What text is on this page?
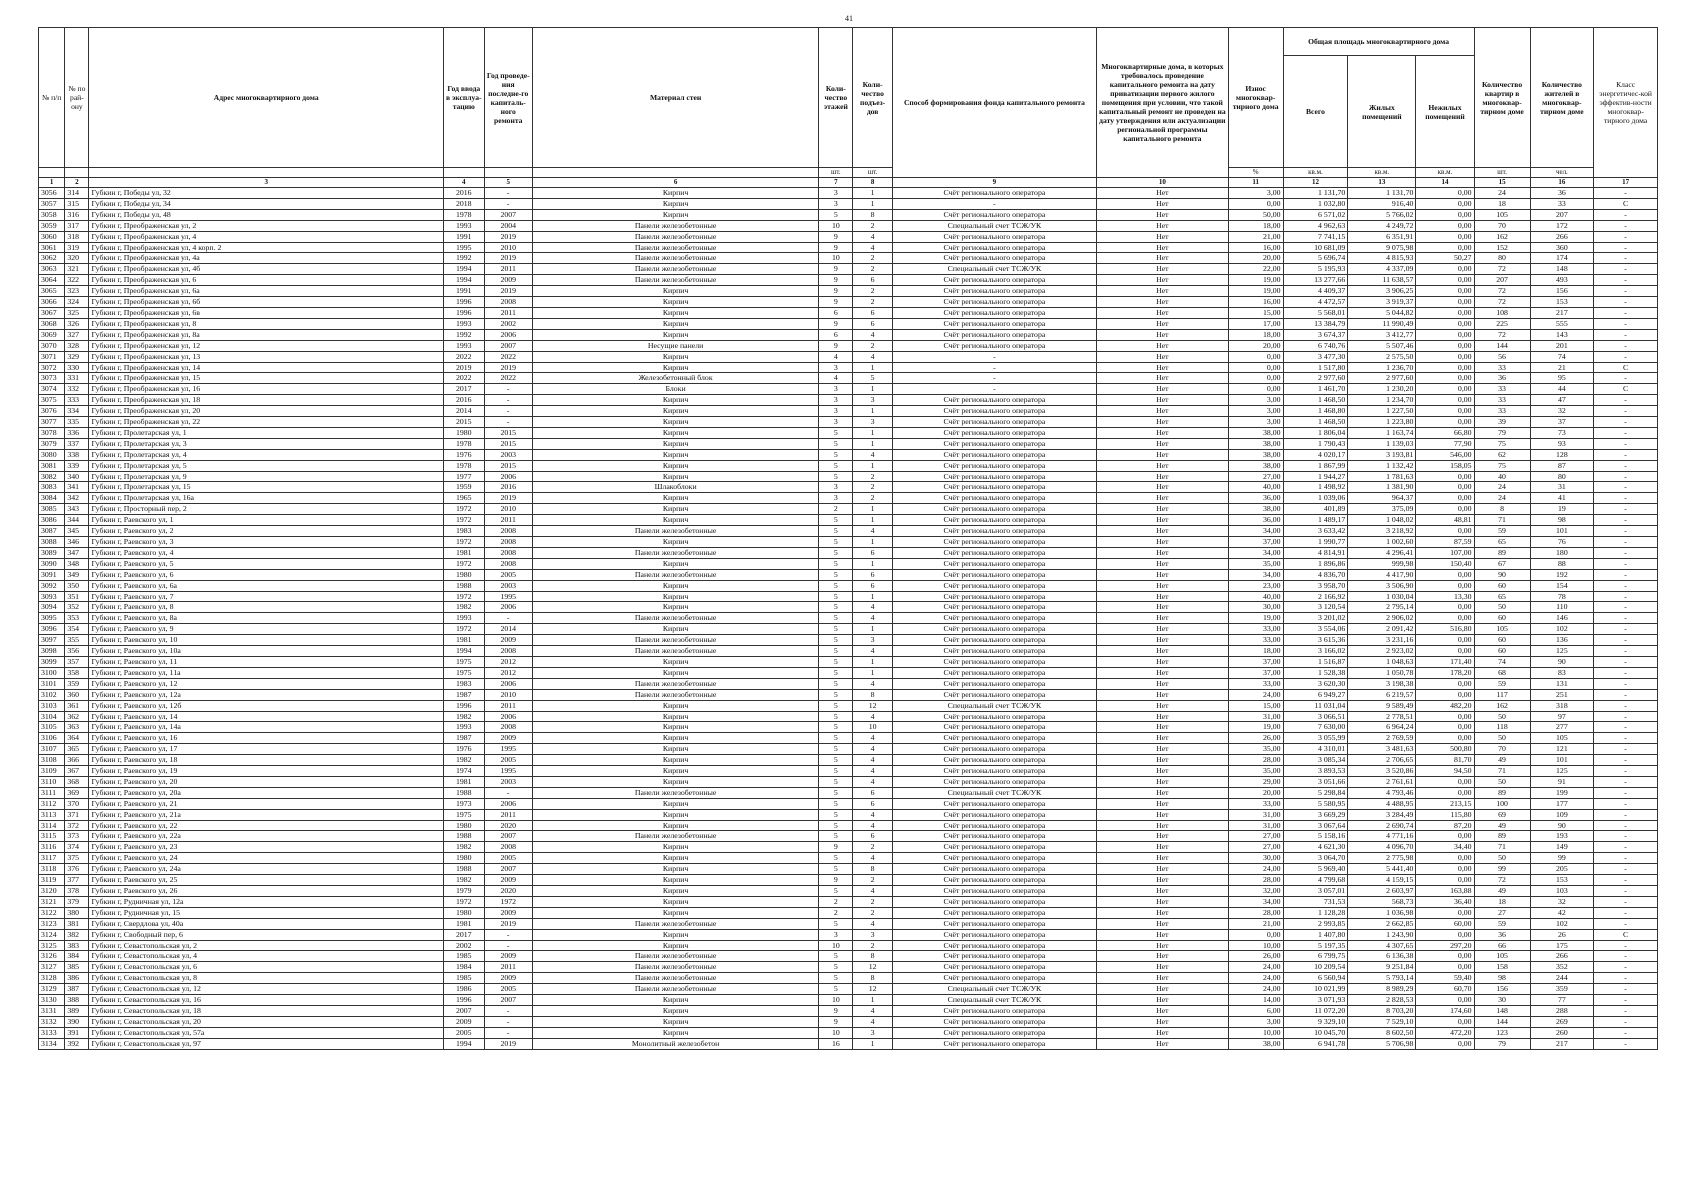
41
№ п/п	№ по рай-ону	Адрес многоквартирного дома	Год ввода в эксплуа-тацию	Год проведе-ния последне-го капиталь-ного ремонта	Материал стен	Коли-чество этажей	Коли-чество подъез-дов	Способ формирования фонда капитального ремонта	Многоквартирные дома, в которых требовалось проведение капитального ремонта на дату приватизации первого жилого помещения при условии, что такой капитальный ремонт не проведен на дату утверждения или актуализации региональной программы капитального ремонта	Износ многоквар-тирного дома	Общая площадь многоквартирного дома			Количество квартир в многоквар-тирном доме	Количество жителей в многоквар-тирном доме	Класс энергетичес-кой эффектив-ности многоквар-тирного дома
											Всего	Жилых помещений	Нежилых помещений			
						шт.	шт.			%	кв.м.	кв.м.	кв.м.	шт.	чел.	
1	2	3	4	5	6	7	8	9	10	11	12	13	14	15	16	17
3056	314	Губкин г, Победы ул, 32	2016	-	Кирпич	3	1	Счёт регионального оператора	Нет	3,00	1 131,70	1 131,70	0,00	24	36	-
3057	315	Губкин г, Победы ул, 34	2018	-	Кирпич	3	1	-	Нет	0,00	1 032,80	916,40	0,00	18	33	С
3058	316	Губкин г, Победы ул, 48	1978	2007	Кирпич	5	8	Счёт регионального оператора	Нет	50,00	6 571,02	5 766,02	0,00	105	207	-
3059	317	Губкин г, Преображенская ул, 2	1993	2004	Панели железобетонные	10	2	Специальный счет ТСЖ/УК	Нет	18,00	4 962,63	4 249,72	0,00	70	172	-
3060	318	Губкин г, Преображенская ул, 4	1991	2019	Панели железобетонные	9	4	Счёт регионального оператора	Нет	21,00	7 741,15	6 351,91	0,00	162	266	-
3061	319	Губкин г, Преображенская ул, 4 корп. 2	1995	2010	Панели железобетонные	9	4	Счёт регионального оператора	Нет	16,00	10 681,09	9 075,98	0,00	152	360	-
3062	320	Губкин г, Преображенская ул, 4а	1992	2019	Панели железобетонные	10	2	Счёт регионального оператора	Нет	20,00	5 696,74	4 815,93	50,27	80	174	-
3063	321	Губкин г, Преображенская ул, 4б	1994	2011	Панели железобетонные	9	2	Специальный счет ТСЖ/УК	Нет	22,00	5 195,93	4 337,09	0,00	72	148	-
3064	322	Губкин г, Преображенская ул, 6	1994	2009	Панели железобетонные	9	6	Счёт регионального оператора	Нет	19,00	13 277,66	11 638,57	0,00	207	493	-
3065	323	Губкин г, Преображенская ул, 6а	1991	2019	Кирпич	9	2	Счёт регионального оператора	Нет	19,00	4 409,37	3 906,25	0,00	72	156	-
3066	324	Губкин г, Преображенская ул, 6б	1996	2008	Кирпич	9	2	Счёт регионального оператора	Нет	16,00	4 472,57	3 919,37	0,00	72	153	-
3067	325	Губкин г, Преображенская ул, 6в	1996	2011	Кирпич	6	6	Счёт регионального оператора	Нет	15,00	5 568,01	5 044,82	0,00	108	217	-
3068	326	Губкин г, Преображенская ул, 8	1993	2002	Кирпич	9	6	Счёт регионального оператора	Нет	17,00	13 384,79	11 990,49	0,00	225	555	-
3069	327	Губкин г, Преображенская ул, 8а	1992	2006	Кирпич	6	4	Счёт регионального оператора	Нет	18,00	3 674,37	3 412,77	0,00	72	143	-
3070	328	Губкин г, Преображенская ул, 12	1993	2007	Несущие панели	9	2	Счёт регионального оператора	Нет	20,00	6 740,76	5 507,46	0,00	144	201	-
3071	329	Губкин г, Преображенская ул, 13	2022	2022	Кирпич	4	4	-	Нет	0,00	3 477,30	2 575,50	0,00	56	74	-
3072	330	Губкин г, Преображенская ул, 14	2019	2019	Кирпич	3	1	-	Нет	0,00	1 517,80	1 236,70	0,00	33	21	С
3073	331	Губкин г, Преображенская ул, 15	2022	2022	Железобетонный блок	4	5	-	Нет	0,00	2 977,60	2 977,60	0,00	36	95	-
3074	332	Губкин г, Преображенская ул, 16	2017	-	Блоки	3	1	-	Нет	0,00	1 461,70	1 230,20	0,00	33	44	С
3075	333	Губкин г, Преображенская ул, 18	2016	-	Кирпич	3	3	Счёт регионального оператора	Нет	3,00	1 468,50	1 234,70	0,00	33	47	-
3076	334	Губкин г, Преображенская ул, 20	2014	-	Кирпич	3	1	Счёт регионального оператора	Нет	3,00	1 468,80	1 227,50	0,00	33	32	-
3077	335	Губкин г, Преображенская ул, 22	2015	-	Кирпич	3	3	Счёт регионального оператора	Нет	3,00	1 468,50	1 223,80	0,00	39	37	-
3078	336	Губкин г, Пролетарская ул, 1	1980	2015	Кирпич	5	1	Счёт регионального оператора	Нет	38,00	1 806,04	1 163,74	66,80	79	73	-
3079	337	Губкин г, Пролетарская ул, 3	1978	2015	Кирпич	5	1	Счёт регионального оператора	Нет	38,00	1 790,43	1 139,03	77,90	75	93	-
3080	338	Губкин г, Пролетарская ул, 4	1976	2003	Кирпич	5	4	Счёт регионального оператора	Нет	38,00	4 020,17	3 193,81	546,00	62	128	-
3081	339	Губкин г, Пролетарская ул, 5	1978	2015	Кирпич	5	1	Счёт регионального оператора	Нет	38,00	1 867,99	1 132,42	158,05	75	87	-
3082	340	Губкин г, Пролетарская ул, 9	1977	2006	Кирпич	5	2	Счёт регионального оператора	Нет	27,00	1 944,27	1 781,63	0,00	40	80	-
3083	341	Губкин г, Пролетарская ул, 15	1959	2016	Шлакоблоки	3	2	Счёт регионального оператора	Нет	40,00	1 498,92	1 381,90	0,00	24	31	-
3084	342	Губкин г, Пролетарская ул, 16а	1965	2019	Кирпич	3	2	Счёт регионального оператора	Нет	36,00	1 039,06	964,37	0,00	24	41	-
3085	343	Губкин г, Просторный пер, 2	1972	2010	Кирпич	2	1	Счёт регионального оператора	Нет	38,00	401,89	375,09	0,00	8	19	-
3086	344	Губкин г, Раевского ул, 1	1972	2011	Кирпич	5	1	Счёт регионального оператора	Нет	36,00	1 489,17	1 048,02	48,81	71	98	-
3087	345	Губкин г, Раевского ул, 2	1983	2008	Панели железобетонные	5	4	Счёт регионального оператора	Нет	34,00	3 633,42	3 218,92	0,00	59	101	-
3088	346	Губкин г, Раевского ул, 3	1972	2008	Кирпич	5	1	Счёт регионального оператора	Нет	37,00	1 990,77	1 002,60	87,59	65	76	-
3089	347	Губкин г, Раевского ул, 4	1981	2008	Панели железобетонные	5	6	Счёт регионального оператора	Нет	34,00	4 814,91	4 296,41	107,00	89	180	-
3090	348	Губкин г, Раевского ул, 5	1972	2008	Кирпич	5	1	Счёт регионального оператора	Нет	35,00	1 896,86	999,98	150,40	67	88	-
3091	349	Губкин г, Раевского ул, 6	1980	2005	Панели железобетонные	5	6	Счёт регионального оператора	Нет	34,00	4 836,70	4 417,90	0,00	90	192	-
3092	350	Губкин г, Раевского ул, 6а	1988	2003	Кирпич	5	6	Счёт регионального оператора	Нет	23,00	3 958,70	3 506,90	0,00	60	154	-
3093	351	Губкин г, Раевского ул, 7	1972	1995	Кирпич	5	1	Счёт регионального оператора	Нет	40,00	2 166,92	1 030,04	13,30	65	78	-
3094	352	Губкин г, Раевского ул, 8	1982	2006	Кирпич	5	4	Счёт регионального оператора	Нет	30,00	3 120,54	2 795,14	0,00	50	110	-
3095	353	Губкин г, Раевского ул, 8а	1993	-	Панели железобетонные	5	4	Счёт регионального оператора	Нет	19,00	3 201,02	2 906,02	0,00	60	146	-
3096	354	Губкин г, Раевского ул, 9	1972	2014	Кирпич	5	1	Счёт регионального оператора	Нет	33,00	3 554,06	2 091,42	516,80	105	102	-
3097	355	Губкин г, Раевского ул, 10	1981	2009	Панели железобетонные	5	3	Счёт регионального оператора	Нет	33,00	3 615,36	3 231,16	0,00	60	136	-
3098	356	Губкин г, Раевского ул, 10а	1994	2008	Панели железобетонные	5	4	Счёт регионального оператора	Нет	18,00	3 166,02	2 923,02	0,00	60	125	-
3099	357	Губкин г, Раевского ул, 11	1975	2012	Кирпич	5	1	Счёт регионального оператора	Нет	37,00	1 516,87	1 048,63	171,40	74	90	-
3100	358	Губкин г, Раевского ул, 11а	1975	2012	Кирпич	5	1	Счёт регионального оператора	Нет	37,00	1 528,38	1 050,78	178,20	68	83	-
3101	359	Губкин г, Раевского ул, 12	1983	2006	Панели железобетонные	5	4	Счёт регионального оператора	Нет	33,00	3 620,30	3 198,38	0,00	59	131	-
3102	360	Губкин г, Раевского ул, 12а	1987	2010	Панели железобетонные	5	8	Счёт регионального оператора	Нет	24,00	6 949,27	6 219,57	0,00	117	251	-
3103	361	Губкин г, Раевского ул, 12б	1996	2011	Кирпич	5	12	Специальный счет ТСЖ/УК	Нет	15,00	11 031,04	9 589,49	482,20	162	318	-
3104	362	Губкин г, Раевского ул, 14	1982	2006	Кирпич	5	4	Счёт регионального оператора	Нет	31,00	3 066,51	2 778,51	0,00	50	97	-
3105	363	Губкин г, Раевского ул, 14а	1993	2008	Кирпич	5	10	Счёт регионального оператора	Нет	19,00	7 630,00	6 964,24	0,00	118	277	-
3106	364	Губкин г, Раевского ул, 16	1987	2009	Кирпич	5	4	Счёт регионального оператора	Нет	26,00	3 055,99	2 769,59	0,00	50	105	-
3107	365	Губкин г, Раевского ул, 17	1976	1995	Кирпич	5	4	Счёт регионального оператора	Нет	35,00	4 310,01	3 481,63	500,80	70	121	-
3108	366	Губкин г, Раевского ул, 18	1982	2005	Кирпич	5	4	Счёт регионального оператора	Нет	28,00	3 085,34	2 706,65	81,70	49	101	-
3109	367	Губкин г, Раевского ул, 19	1974	1995	Кирпич	5	4	Счёт регионального оператора	Нет	35,00	3 893,53	3 520,86	94,50	71	125	-
3110	368	Губкин г, Раевского ул, 20	1981	2003	Кирпич	5	4	Счёт регионального оператора	Нет	29,00	3 051,66	2 761,61	0,00	50	91	-
3111	369	Губкин г, Раевского ул, 20а	1988	-	Панели железобетонные	5	6	Специальный счет ТСЖ/УК	Нет	20,00	5 298,84	4 793,46	0,00	89	199	-
3112	370	Губкин г, Раевского ул, 21	1973	2006	Кирпич	5	6	Счёт регионального оператора	Нет	33,00	5 580,95	4 488,95	213,15	100	177	-
3113	371	Губкин г, Раевского ул, 21а	1975	2011	Кирпич	5	4	Счёт регионального оператора	Нет	31,00	3 669,29	3 284,49	115,80	69	109	-
3114	372	Губкин г, Раевского ул, 22	1980	2020	Кирпич	5	4	Счёт регионального оператора	Нет	31,00	3 067,64	2 690,74	87,20	49	90	-
3115	373	Губкин г, Раевского ул, 22а	1988	2007	Панели железобетонные	5	6	Счёт регионального оператора	Нет	27,00	5 158,16	4 771,16	0,00	89	193	-
3116	374	Губкин г, Раевского ул, 23	1982	2008	Кирпич	9	2	Счёт регионального оператора	Нет	27,00	4 621,30	4 096,70	34,40	71	149	-
3117	375	Губкин г, Раевского ул, 24	1980	2005	Кирпич	5	4	Счёт регионального оператора	Нет	30,00	3 064,70	2 775,98	0,00	50	99	-
3118	376	Губкин г, Раевского ул, 24а	1988	2007	Кирпич	5	8	Счёт регионального оператора	Нет	24,00	5 969,40	5 441,40	0,00	99	205	-
3119	377	Губкин г, Раевского ул, 25	1982	2009	Кирпич	9	2	Счёт регионального оператора	Нет	28,00	4 799,68	4 159,15	0,00	72	153	-
3120	378	Губкин г, Раевского ул, 26	1979	2020	Кирпич	5	4	Счёт регионального оператора	Нет	32,00	3 057,01	2 603,97	163,88	49	103	-
3121	379	Губкин г, Рудничная ул, 12а	1972	1972	Кирпич	2	2	Счёт регионального оператора	Нет	34,00	731,53	568,73	36,40	18	32	-
3122	380	Губкин г, Рудничная ул, 15	1980	2009	Кирпич	2	2	Счёт регионального оператора	Нет	28,00	1 128,28	1 036,98	0,00	27	42	-
3123	381	Губкин г, Свердлова ул, 40а	1981	2019	Панели железобетонные	5	4	Счёт регионального оператора	Нет	21,00	2 993,85	2 662,85	60,00	59	102	-
3124	382	Губкин г, Свободный пер, 6	2017	-	Кирпич	3	3	Счёт регионального оператора	Нет	0,00	1 407,80	1 243,90	0,00	36	26	С
3125	383	Губкин г, Севастопольская ул, 2	2002	-	Кирпич	10	2	Счёт регионального оператора	Нет	10,00	5 197,35	4 307,65	297,20	66	175	-
3126	384	Губкин г, Севастопольская ул, 4	1985	2009	Панели железобетонные	5	8	Счёт регионального оператора	Нет	26,00	6 799,75	6 136,38	0,00	105	266	-
3127	385	Губкин г, Севастопольская ул, 6	1984	2011	Панели железобетонные	5	12	Счёт регионального оператора	Нет	24,00	10 209,54	9 251,84	0,00	158	352	-
3128	386	Губкин г, Севастопольская ул, 8	1985	2009	Панели железобетонные	5	8	Счёт регионального оператора	Нет	24,00	6 560,94	5 793,14	59,40	98	244	-
3129	387	Губкин г, Севастопольская ул, 12	1986	2005	Панели железобетонные	5	12	Специальный счет ТСЖ/УК	Нет	24,00	10 021,99	8 989,29	60,70	156	359	-
3130	388	Губкин г, Севастопольская ул, 16	1996	2007	Кирпич	10	1	Специальный счет ТСЖ/УК	Нет	14,00	3 071,93	2 828,53	0,00	30	77	-
3131	389	Губкин г, Севастопольская ул, 18	2007	-	Кирпич	9	4	Счёт регионального оператора	Нет	6,00	11 072,20	8 703,20	174,60	148	288	-
3132	390	Губкин г, Севастопольская ул, 20	2009	-	Кирпич	9	4	Счёт регионального оператора	Нет	3,00	9 329,10	7 529,10	0,00	144	269	-
3133	391	Губкин г, Севастопольская ул, 57а	2005	-	Кирпич	10	3	Счёт регионального оператора	Нет	10,00	10 045,70	8 602,50	472,20	123	260	-
3134	392	Губкин г, Севастопольская ул, 97	1994	2019	Монолитный железобетон	16	1	Счёт регионального оператора	Нет	38,00	6 941,78	5 706,98	0,00	79	217	-
